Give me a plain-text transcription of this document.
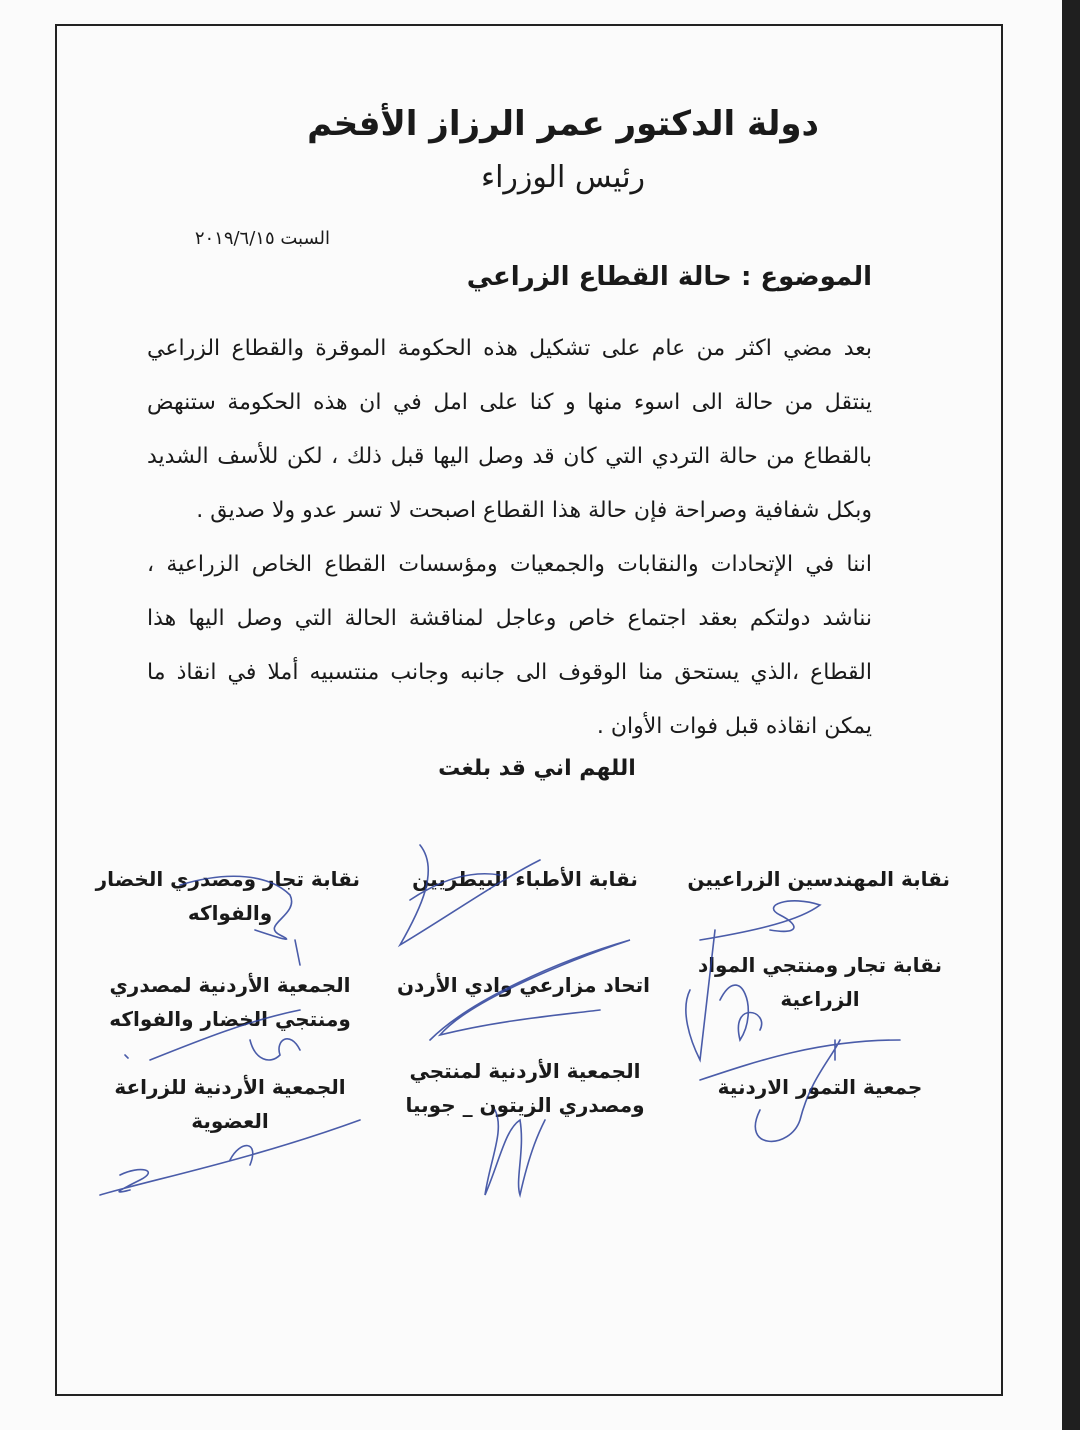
دولة الدكتور عمر الرزاز الأفخم
رئيس الوزراء
السبت ٢٠١٩/٦/١٥
الموضوع : حالة القطاع الزراعي
بعد مضي اكثر من عام على تشكيل هذه الحكومة الموقرة والقطاع الزراعي ينتقل من حالة الى اسوء منها و كنا على امل في ان هذه الحكومة ستنهض بالقطاع من حالة التردي التي كان قد وصل اليها قبل ذلك ، لكن للأسف الشديد وبكل شفافية وصراحة فإن حالة هذا القطاع اصبحت لا تسر عدو ولا صديق .
اننا في الإتحادات والنقابات والجمعيات ومؤسسات القطاع الخاص الزراعية ، نناشد دولتكم بعقد اجتماع خاص وعاجل لمناقشة الحالة التي وصل اليها هذا القطاع ،الذي يستحق منا الوقوف الى جانبه وجانب منتسبيه أملا في انقاذ ما يمكن انقاذه قبل فوات الأوان .
اللهم اني قد بلغت
نقابة المهندسين الزراعيين
نقابة تجار ومنتجي المواد
الزراعية
جمعية التمور الاردنية
نقابة الأطباء البيطريين
اتحاد مزارعي وادي الأردن
الجمعية الأردنية لمنتجي
ومصدري الزيتون _ جوبيا
نقابة تجار ومصدري الخضار
والفواكه
الجمعية الأردنية لمصدري
ومنتجي الخضار والفواكه
الجمعية الأردنية للزراعة
العضوية
